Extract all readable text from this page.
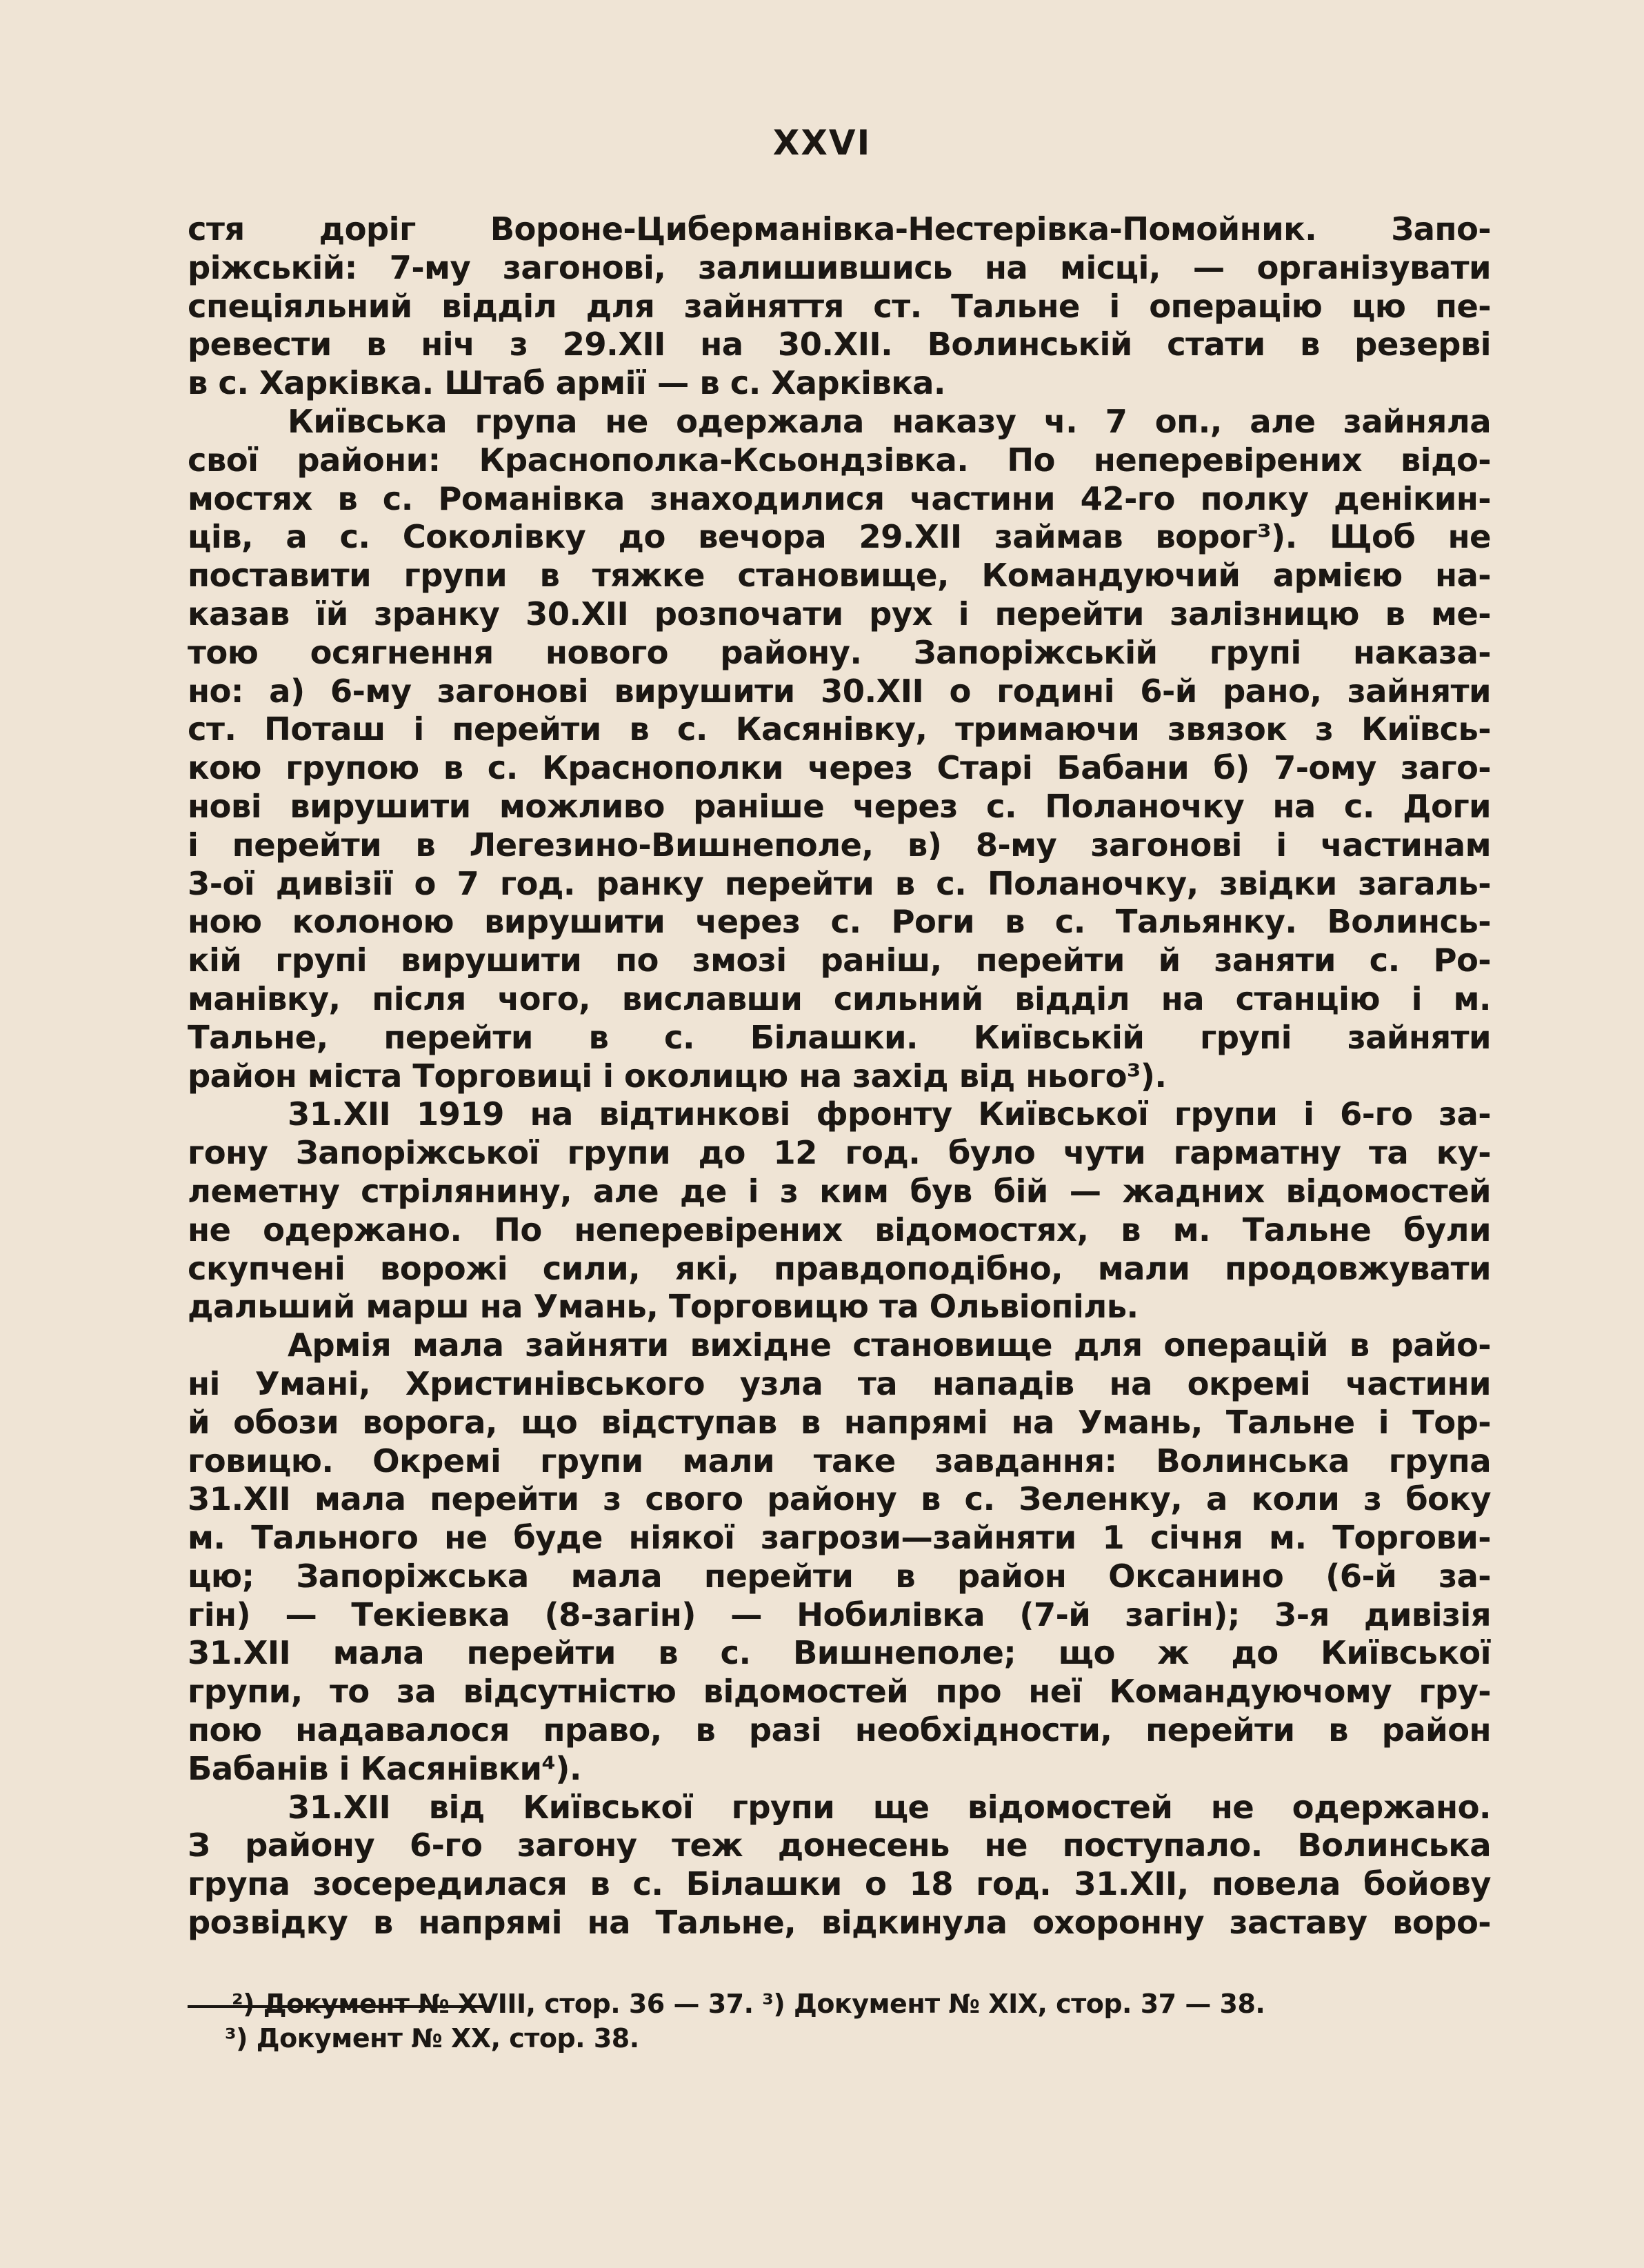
XXVI
стя доріг Вороне-Циберманівка-Нестерівка-Помойник. Запо-
ріжській: 7-му загонові, залишившись на місці, — організувати
спеціяльний відділ для зайняття ст. Тальне і операцію цю пе-
ревести в ніч з 29.XII на 30.XII. Волинській стати в резерві
в с. Харківка. Штаб армії — в с. Харківка.
Київська група не одержала наказу ч. 7 оп., але зайняла
свої райони: Краснополка-Ксьондзівка. По неперевірених відо-
мостях в с. Романівка знаходилися частини 42-го полку денікин-
ців, а с. Соколівку до вечора 29.XII займав ворог³). Щоб не
поставити групи в тяжке становище, Командуючий армією на-
казав їй зранку 30.XII розпочати рух і перейти залізницю в ме-
тою осягнення нового району. Запоріжській групі наказа-
но: а) 6-му загонові вирушити 30.XII о годині 6-й рано, зайняти
ст. Поташ і перейти в с. Касянівку, тримаючи звязок з Київсь-
кою групою в с. Краснополки через Старі Бабани б) 7-ому заго-
нові вирушити можливо раніше через с. Поланочку на с. Доги
і перейти в Легезино-Вишнеполе, в) 8-му загонові і частинам
3-ої дивізії о 7 год. ранку перейти в с. Поланочку, звідки загаль-
ною колоною вирушити через с. Роги в с. Тальянку. Волинсь-
кій групі вирушити по змозі раніш, перейти й заняти с. Ро-
манівку, після чого, виславши сильний відділ на станцію і м.
Тальне, перейти в с. Білашки. Київській групі зайняти
район міста Торговиці і околицю на захід від нього³).
31.XII 1919 на відтинкові фронту Київської групи і 6-го за-
гону Запоріжської групи до 12 год. було чути гарматну та ку-
леметну стрілянину, але де і з ким був бій — жадних відомостей
не одержано. По неперевірених відомостях, в м. Тальне були
скупчені ворожі сили, які, правдоподібно, мали продовжувати
дальший марш на Умань, Торговицю та Ольвіопіль.
Армія мала зайняти вихідне становище для операцій в райо-
ні Умані, Христинівського узла та нападів на окремі частини
й обози ворога, що відступав в напрямі на Умань, Тальне і Тор-
говицю. Окремі групи мали таке завдання: Волинська група
31.XII мала перейти з свого району в с. Зеленку, а коли з боку
м. Тального не буде ніякої загрози—зайняти 1 січня м. Торгови-
цю; Запоріжська мала перейти в район Оксанино (6-й за-
гін) — Текіевка (8-загін) — Нобилівка (7-й загін); 3-я дивізія
31.XII мала перейти в с. Вишнеполе; що ж до Київської
групи, то за відсутністю відомостей про неї Командуючому гру-
пою надавалося право, в разі необхідности, перейти в район
Бабанів і Касянівки⁴).
31.XII від Київської групи ще відомостей не одержано.
З району 6-го загону теж донесень не поступало. Волинська
група зосередилася в с. Білашки о 18 год. 31.XII, повела бойову
розвідку в напрямі на Тальне, відкинула охоронну заставу воро-
²) Документ № XVIII, стор. 36 — 37. ³) Документ № XIX, стор. 37 — 38.
³) Документ № XX, стор. 38.
